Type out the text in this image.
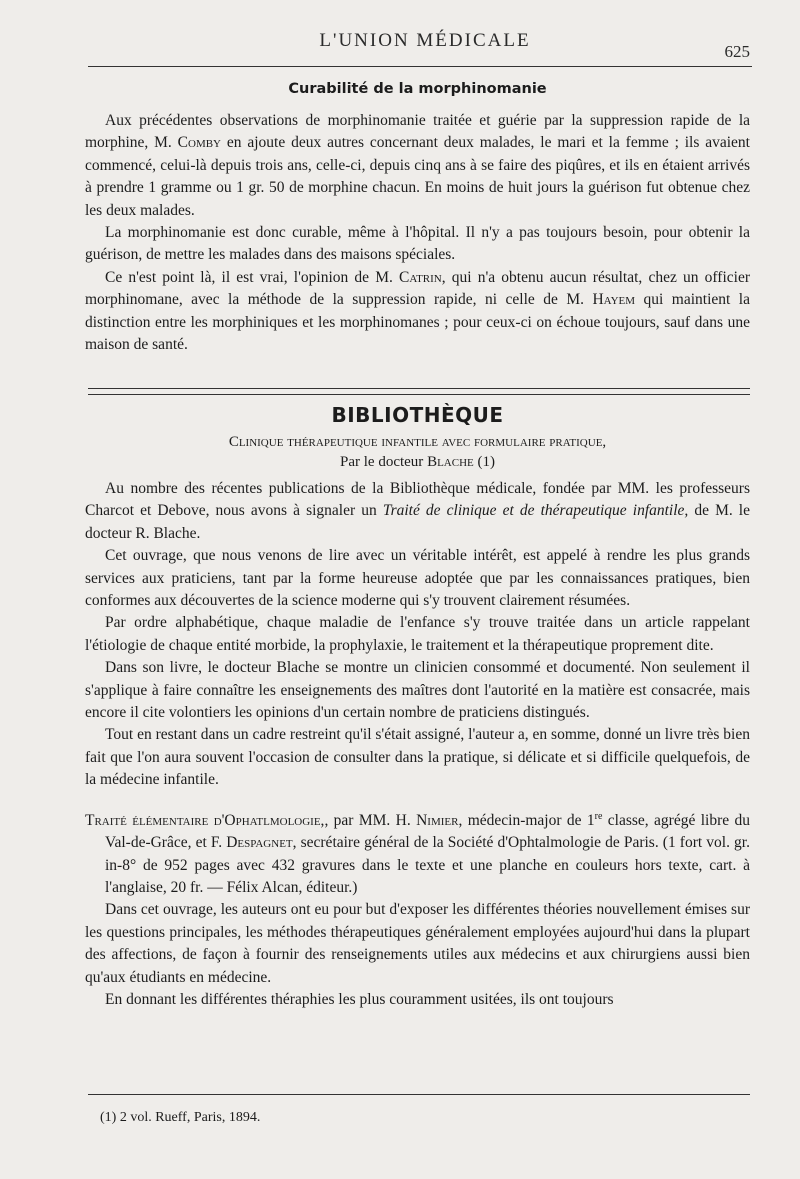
L'UNION MÉDICALE
625
Curabilité de la morphinomanie

Aux précédentes observations de morphinomanie traitée et guérie par la suppression rapide de la morphine, M. Comby en ajoute deux autres concernant deux malades, le mari et la femme ; ils avaient commencé, celui-là depuis trois ans, celle-ci, depuis cinq ans à se faire des piqûres, et ils en étaient arrivés à prendre 1 gramme ou 1 gr. 50 de morphine chacun. En moins de huit jours la guérison fut obtenue chez les deux malades.

La morphinomanie est donc curable, même à l'hôpital. Il n'y a pas toujours besoin, pour obtenir la guérison, de mettre les malades dans des maisons spéciales.

Ce n'est point là, il est vrai, l'opinion de M. Catrin, qui n'a obtenu aucun résultat, chez un officier morphinomane, avec la méthode de la suppression rapide, ni celle de M. Hayem qui maintient la distinction entre les morphiniques et les morphinomanes ; pour ceux-ci on échoue toujours, sauf dans une maison de santé.

BIBLIOTHÈQUE
Clinique thérapeutique infantile avec formulaire pratique,
Par le docteur Blache (1)

Au nombre des récentes publications de la Bibliothèque médicale, fondée par MM. les professeurs Charcot et Debove, nous avons à signaler un Traité de clinique et de thérapeutique infantile, de M. le docteur R. Blache.

Cet ouvrage, que nous venons de lire avec un véritable intérêt, est appelé à rendre les plus grands services aux praticiens, tant par la forme heureuse adoptée que par les connaissances pratiques, bien conformes aux découvertes de la science moderne qui s'y trouvent clairement résumées.

Par ordre alphabétique, chaque maladie de l'enfance s'y trouve traitée dans un article rappelant l'étiologie de chaque entité morbide, la prophylaxie, le traitement et la thérapeutique proprement dite.

Dans son livre, le docteur Blache se montre un clinicien consommé et documenté. Non seulement il s'applique à faire connaître les enseignements des maîtres dont l'autorité en la matière est consacrée, mais encore il cite volontiers les opinions d'un certain nombre de praticiens distingués.

Tout en restant dans un cadre restreint qu'il s'était assigné, l'auteur a, en somme, donné un livre très bien fait que l'on aura souvent l'occasion de consulter dans la pratique, si délicate et si difficile quelquefois, de la médecine infantile.

Traité élémentaire d'Ophatlmologie,, par MM. H. Nimier, médecin-major de 1re classe, agrégé libre du Val-de-Grâce, et F. Despagnet, secrétaire général de la Société d'Ophtalmologie de Paris. (1 fort vol. gr. in-8° de 952 pages avec 432 gravures dans le texte et une planche en couleurs hors texte, cart. à l'anglaise, 20 fr. — Félix Alcan, éditeur.)

Dans cet ouvrage, les auteurs ont eu pour but d'exposer les différentes théories nouvellement émises sur les questions principales, les méthodes thérapeutiques généralement employées aujourd'hui dans la plupart des affections, de façon à fournir des renseignements utiles aux médecins et aux chirurgiens aussi bien qu'aux étudiants en médecine.

En donnant les différentes théraphies les plus couramment usitées, ils ont toujours

(1) 2 vol. Rueff, Paris, 1894.
